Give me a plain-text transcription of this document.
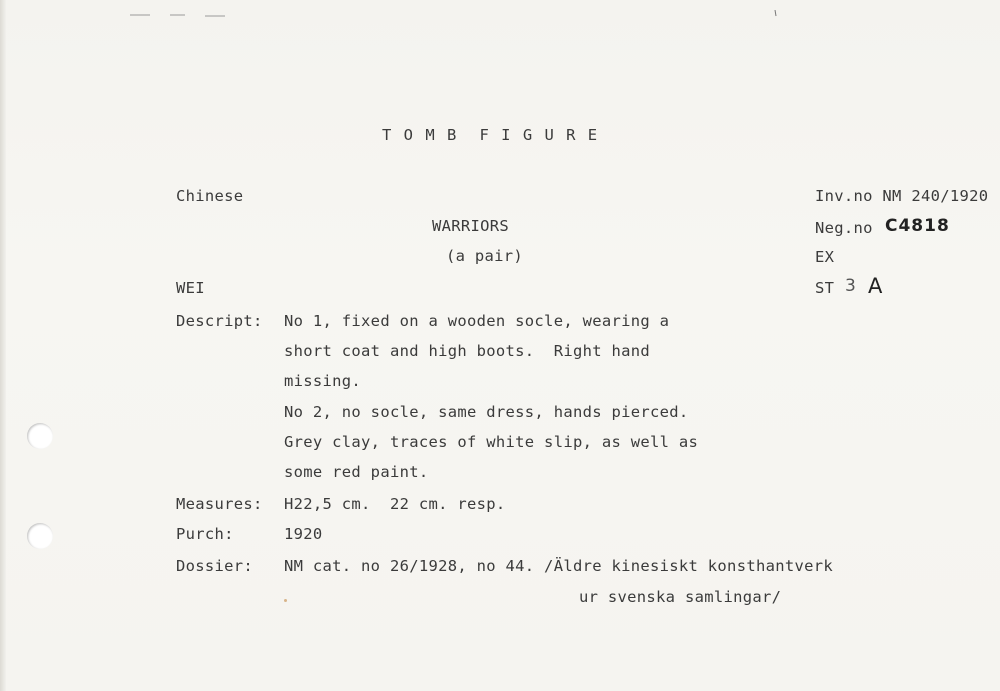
T O M B  F I G U R E
Chinese
WARRIORS
(a pair)
WEI
Inv.no NM 240/1920
Neg.no C4818
EX
ST 3 A
Descript: No 1, fixed on a wooden socle, wearing a
short coat and high boots.  Right hand
missing.
No 2, no socle, same dress, hands pierced.
Grey clay, traces of white slip, as well as
some red paint.
Measures: H22,5 cm.  22 cm. resp.
Purch:	1920
Dossier: NM cat. no 26/1928, no 44. /Äldre kinesiskt konsthantverk
ur svenska samlingar/
